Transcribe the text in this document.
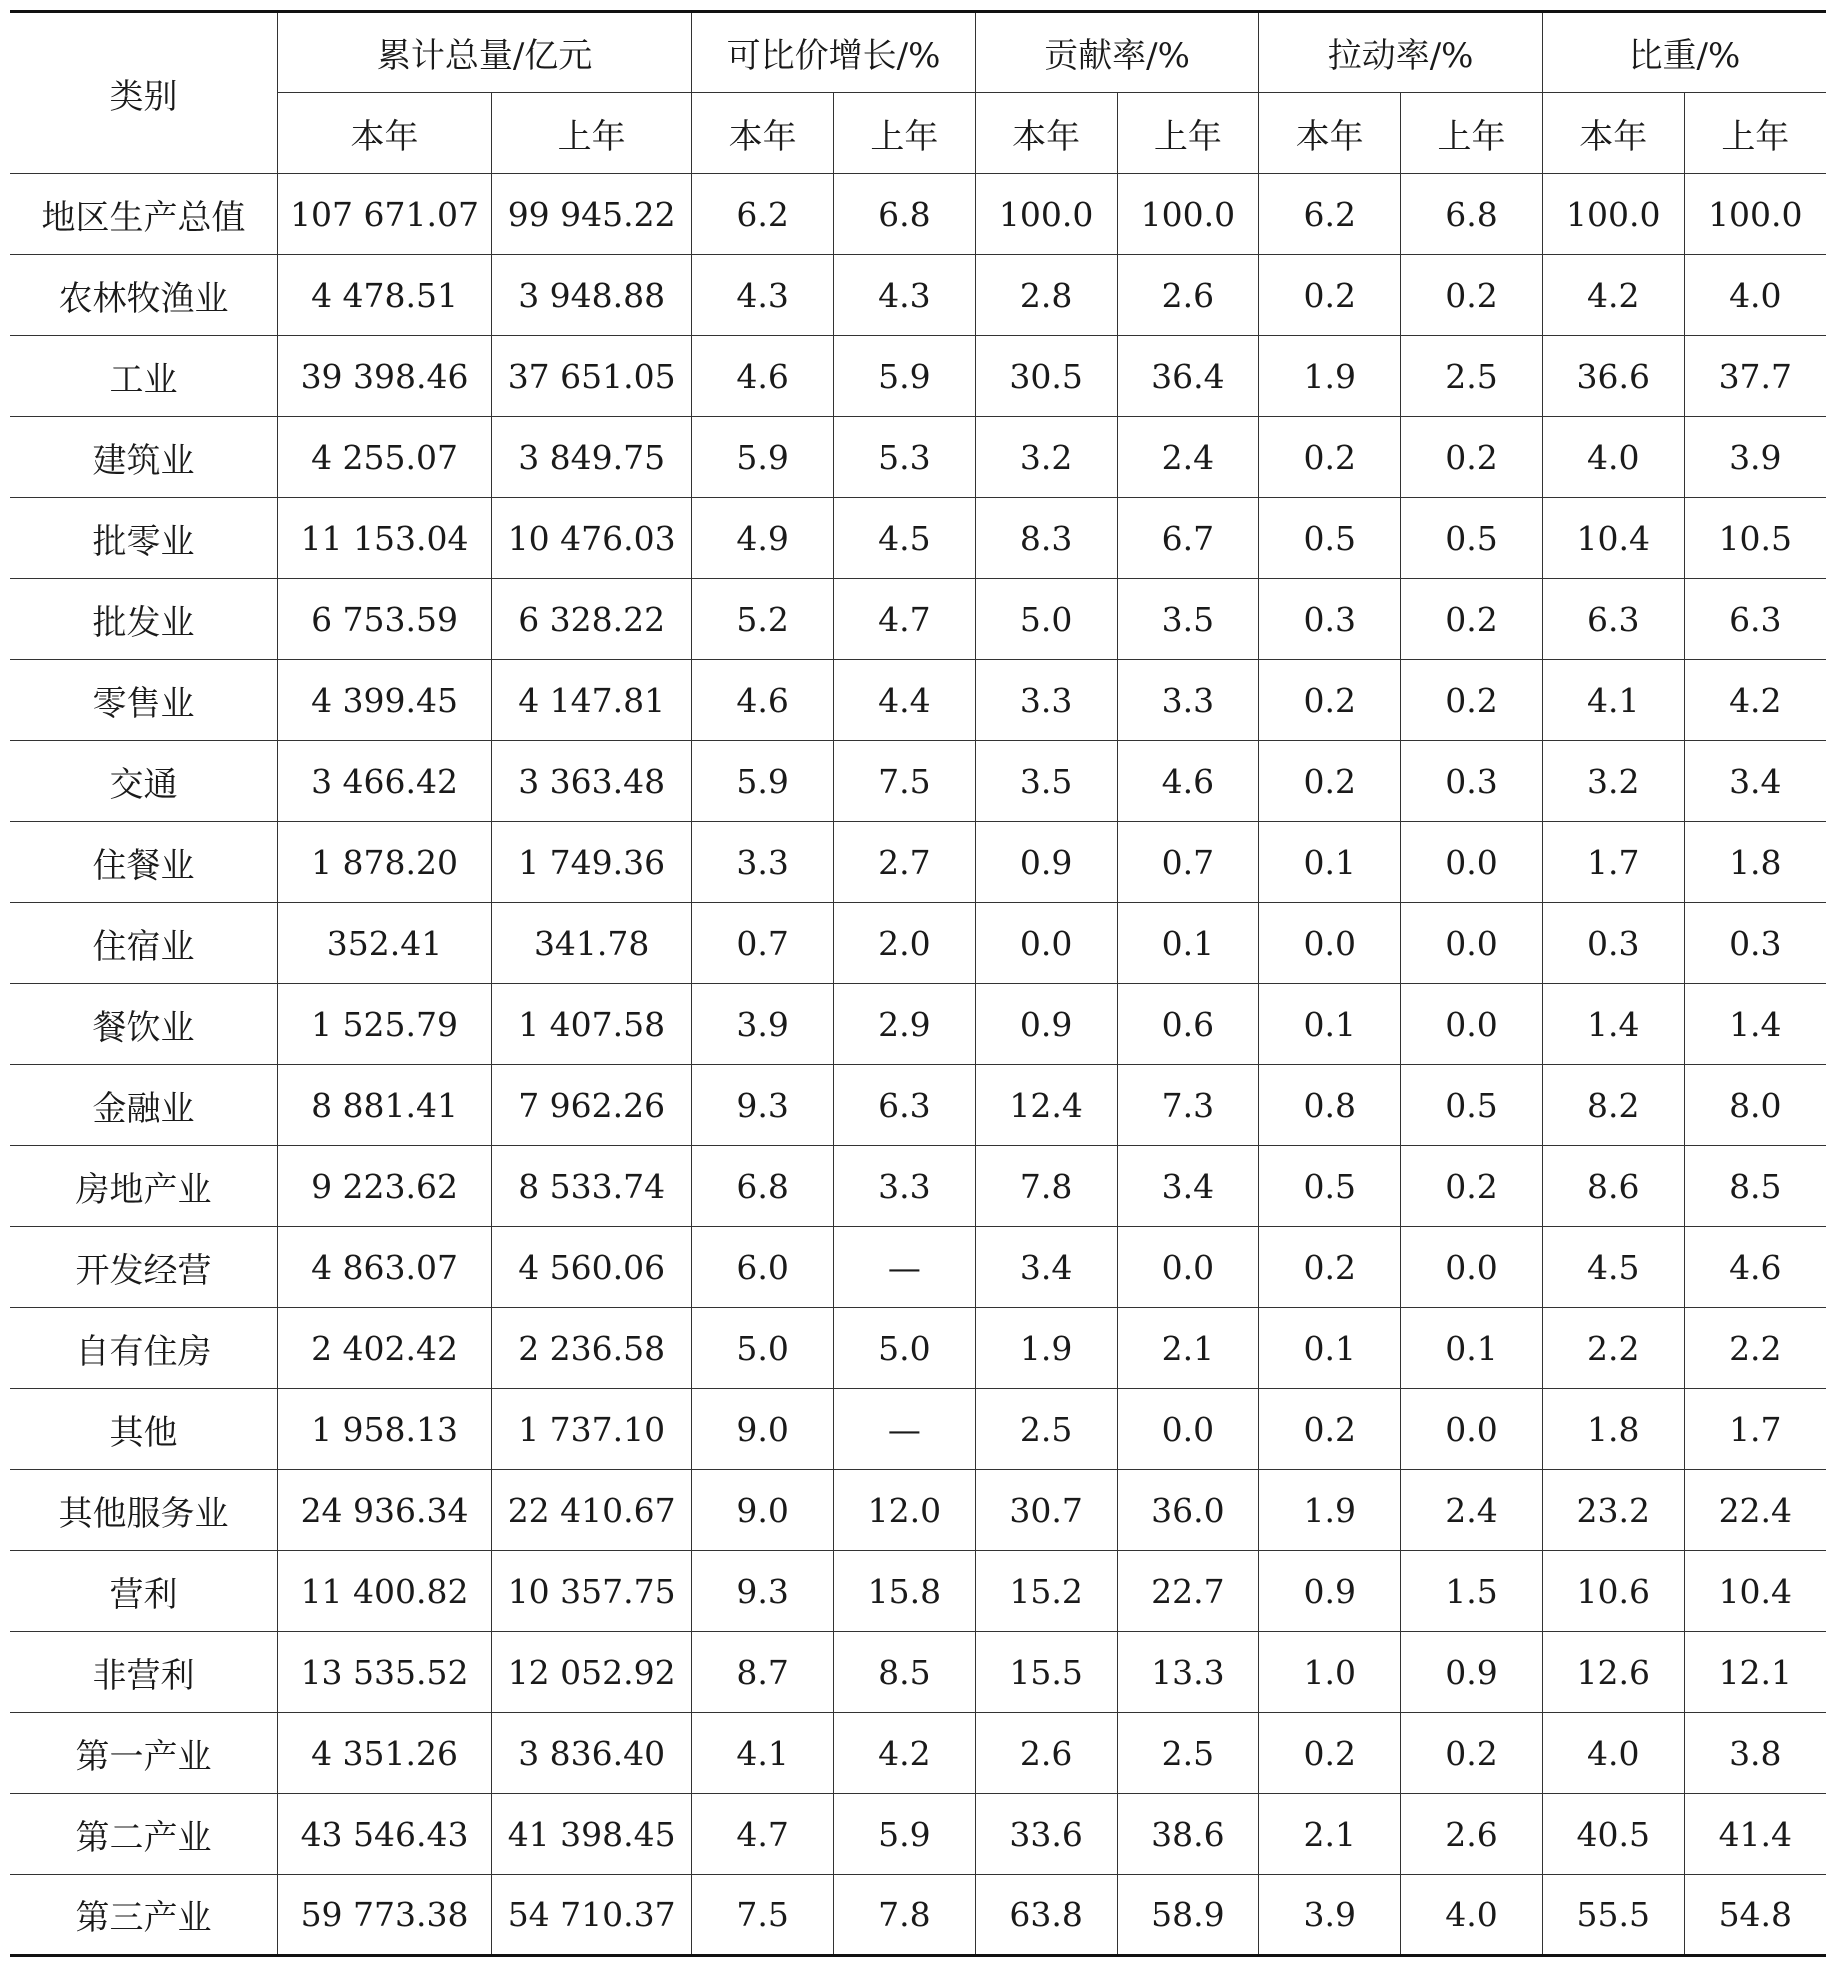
类别	累计总量/亿元		可比价增长/%		贡献率/%		拉动率/%		比重/%	
	本年	上年	本年	上年	本年	上年	本年	上年	本年	上年
地区生产总值	107 671.07	99 945.22	6.2	6.8	100.0	100.0	6.2	6.8	100.0	100.0
农林牧渔业	4 478.51	3 948.88	4.3	4.3	2.8	2.6	0.2	0.2	4.2	4.0
工业	39 398.46	37 651.05	4.6	5.9	30.5	36.4	1.9	2.5	36.6	37.7
建筑业	4 255.07	3 849.75	5.9	5.3	3.2	2.4	0.2	0.2	4.0	3.9
批零业	11 153.04	10 476.03	4.9	4.5	8.3	6.7	0.5	0.5	10.4	10.5
批发业	6 753.59	6 328.22	5.2	4.7	5.0	3.5	0.3	0.2	6.3	6.3
零售业	4 399.45	4 147.81	4.6	4.4	3.3	3.3	0.2	0.2	4.1	4.2
交通	3 466.42	3 363.48	5.9	7.5	3.5	4.6	0.2	0.3	3.2	3.4
住餐业	1 878.20	1 749.36	3.3	2.7	0.9	0.7	0.1	0.0	1.7	1.8
住宿业	352.41	341.78	0.7	2.0	0.0	0.1	0.0	0.0	0.3	0.3
餐饮业	1 525.79	1 407.58	3.9	2.9	0.9	0.6	0.1	0.0	1.4	1.4
金融业	8 881.41	7 962.26	9.3	6.3	12.4	7.3	0.8	0.5	8.2	8.0
房地产业	9 223.62	8 533.74	6.8	3.3	7.8	3.4	0.5	0.2	8.6	8.5
开发经营	4 863.07	4 560.06	6.0	—	3.4	0.0	0.2	0.0	4.5	4.6
自有住房	2 402.42	2 236.58	5.0	5.0	1.9	2.1	0.1	0.1	2.2	2.2
其他	1 958.13	1 737.10	9.0	—	2.5	0.0	0.2	0.0	1.8	1.7
其他服务业	24 936.34	22 410.67	9.0	12.0	30.7	36.0	1.9	2.4	23.2	22.4
营利	11 400.82	10 357.75	9.3	15.8	15.2	22.7	0.9	1.5	10.6	10.4
非营利	13 535.52	12 052.92	8.7	8.5	15.5	13.3	1.0	0.9	12.6	12.1
第一产业	4 351.26	3 836.40	4.1	4.2	2.6	2.5	0.2	0.2	4.0	3.8
第二产业	43 546.43	41 398.45	4.7	5.9	33.6	38.6	2.1	2.6	40.5	41.4
第三产业	59 773.38	54 710.37	7.5	7.8	63.8	58.9	3.9	4.0	55.5	54.8
